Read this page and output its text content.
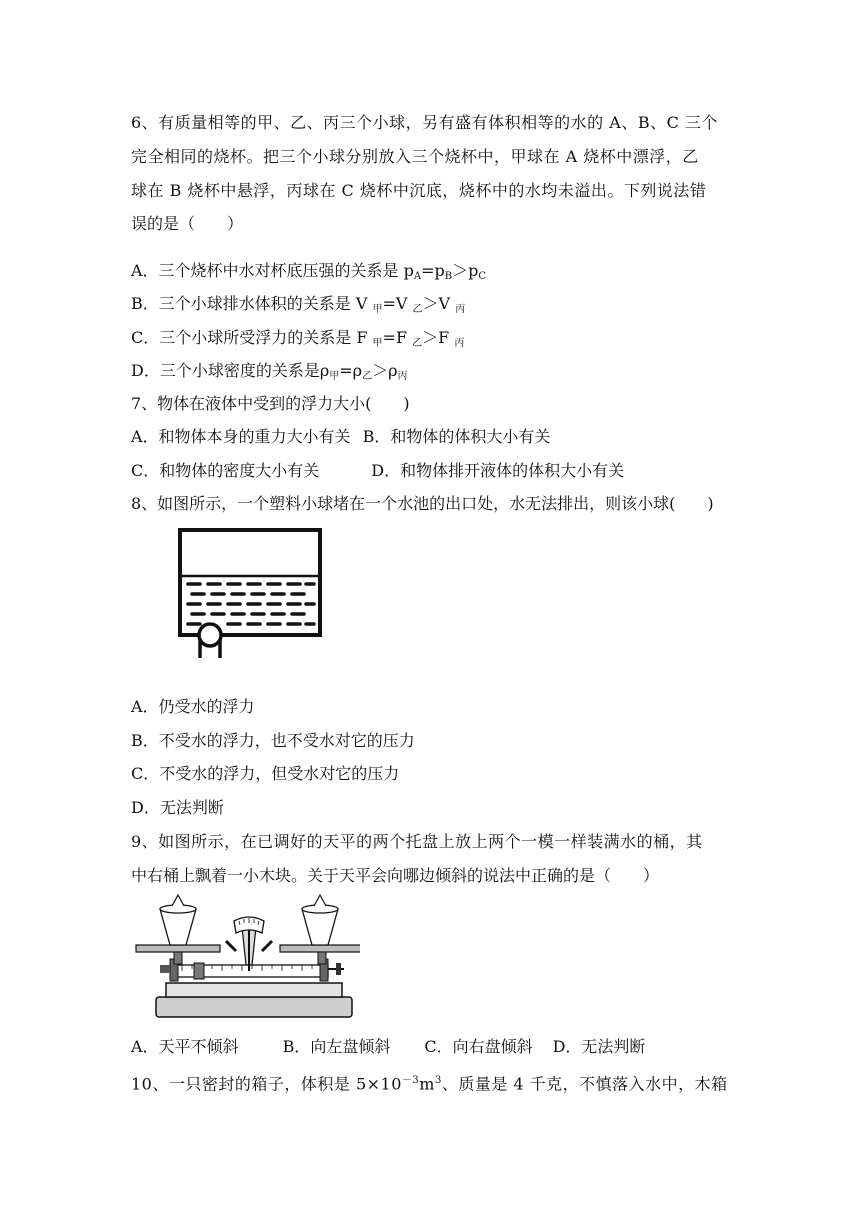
6、有质量相等的甲、乙、丙三个小球，另有盛有体积相等的水的 A、B、C 三个
完全相同的烧杯。把三个小球分别放入三个烧杯中，甲球在 A 烧杯中漂浮，乙
球在 B 烧杯中悬浮，丙球在 C 烧杯中沉底，烧杯中的水均未溢出。下列说法错
误的是（　　）
A．三个烧杯中水对杯底压强的关系是 $p_A=p_B>p_C$
B．三个小球排水体积的关系是 V $_甲$=V $_乙$＞V $_丙$
C．三个小球所受浮力的关系是 F $_甲$=F $_乙$＞F $_丙$
D．三个小球密度的关系是$\rho_甲=\rho_乙>\rho_丙$
7、物体在液体中受到的浮力大小(　　)
A．和物体本身的重力大小有关 B．和物体的体积大小有关
C．和物体的密度大小有关	D．和物体排开液体的体积大小有关
8、如图所示，一个塑料小球堵在一个水池的出口处，水无法排出，则该小球(　　)
A．仍受水的浮力
B．不受水的浮力，也不受水对它的压力
C．不受水的浮力，但受水对它的压力
D．无法判断
9、如图所示，在已调好的天平的两个托盘上放上两个一模一样装满水的桶，其
中右桶上飘着一小木块。关于天平会向哪边倾斜的说法中正确的是（　　）
A．天平不倾斜	B．向左盘倾斜 C．向右盘倾斜 D．无法判断
10、一只密封的箱子，体积是 $5\times 10^{-3}m^3$、质量是 4 千克，不慎落入水中，木箱
